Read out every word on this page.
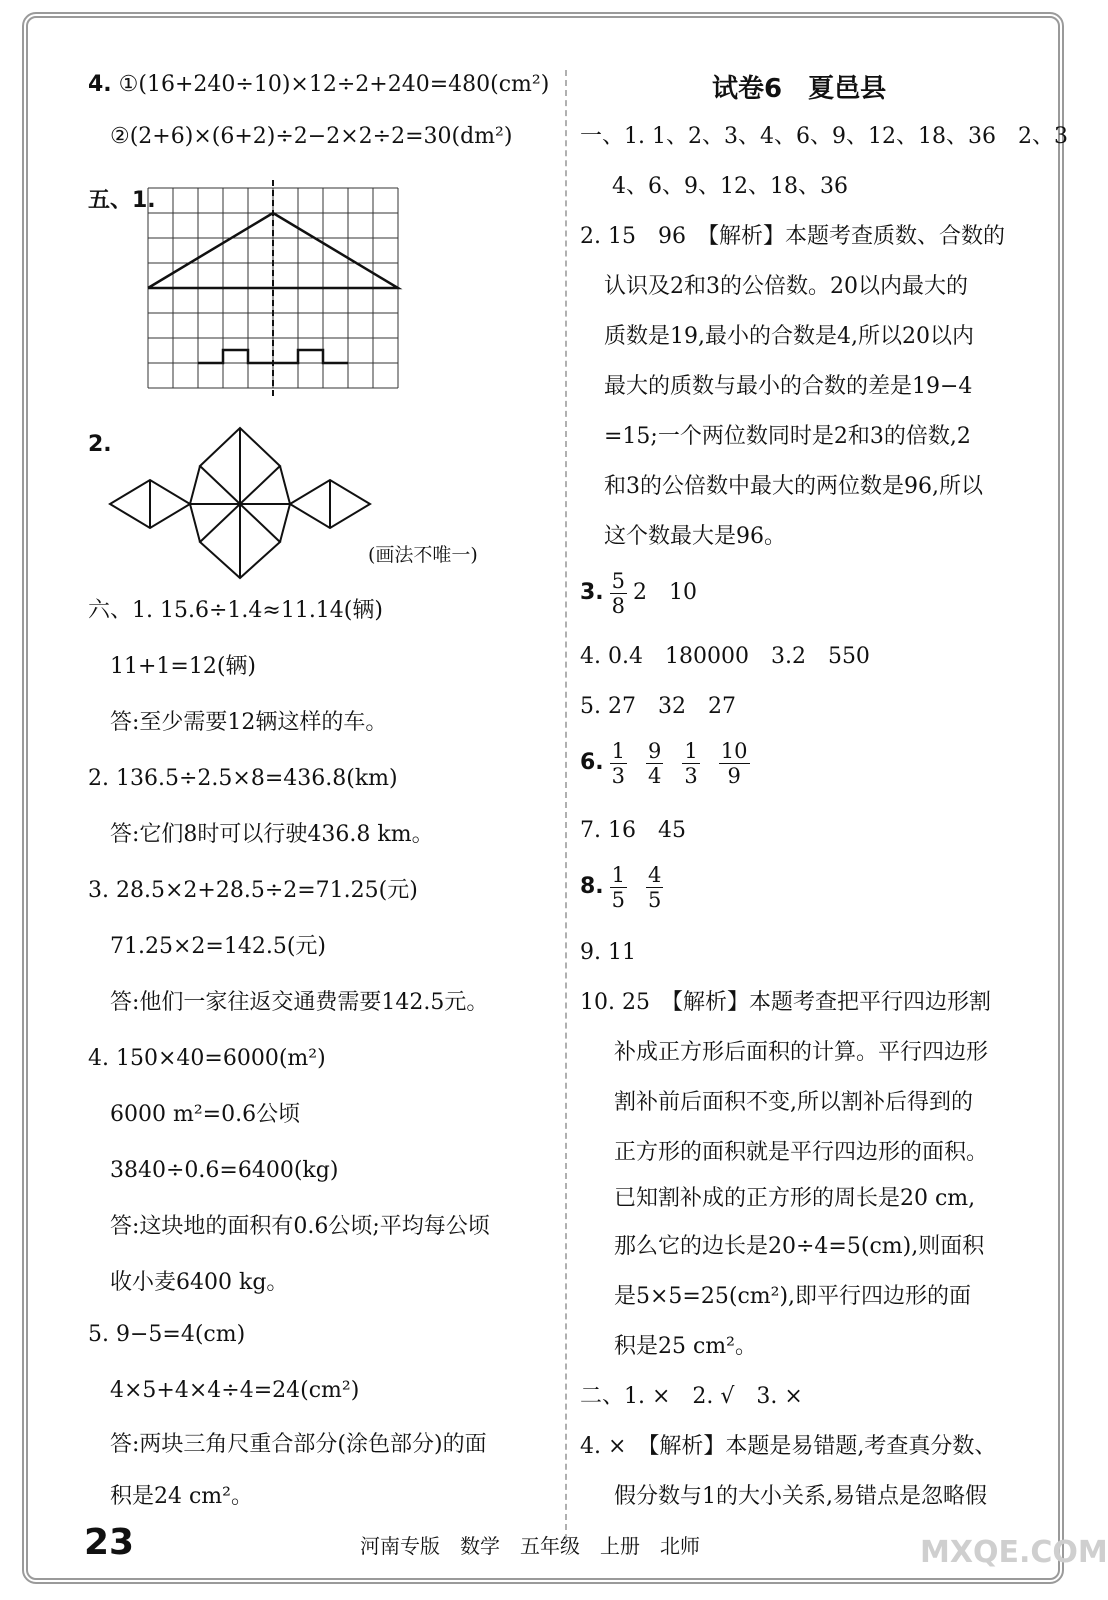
4. ①(16+240÷10)×12÷2+240=480(cm²)
②(2+6)×(6+2)÷2−2×2÷2=30(dm²)
五、1.
2.
(画法不唯一)
六、1. 15.6÷1.4≈11.14(辆)
11+1=12(辆)
答:至少需要12辆这样的车。
2. 136.5÷2.5×8=436.8(km)
答:它们8时可以行驶436.8 km。
3. 28.5×2+28.5÷2=71.25(元)
71.25×2=142.5(元)
答:他们一家往返交通费需要142.5元。
4. 150×40=6000(m²)
6000 m²=0.6公顷
3840÷0.6=6400(kg)
答:这块地的面积有0.6公顷;平均每公顷
收小麦6400 kg。
5. 9−5=4(cm)
4×5+4×4÷4=24(cm²)
答:两块三角尺重合部分(涂色部分)的面
积是24 cm²。
试卷6　夏邑县
一、1. 1、2、3、4、6、9、12、18、36　2、3
4、6、9、12、18、36
2. 15　96　【解析】本题考查质数、合数的
认识及2和3的公倍数。20以内最大的
质数是19,最小的合数是4,所以20以内
最大的质数与最小的合数的差是19−4
=15;一个两位数同时是2和3的倍数,2
和3的公倍数中最大的两位数是96,所以
这个数最大是96。
3. $\frac{5}{8} 2$　10
4. 0.4　180000　3.2　550
5. 27　32　27
6. $\frac{1}{3}$
$\frac{9}{4}$
$\frac{1}{3}$
$\frac{10}{9}$
7. 16　45
8. $\frac{1}{5}$
$\frac{4}{5}$
9. 11
10. 25　【解析】本题考查把平行四边形割
补成正方形后面积的计算。平行四边形
割补前后面积不变,所以割补后得到的
正方形的面积就是平行四边形的面积。
已知割补成的正方形的周长是20 cm,
那么它的边长是20÷4=5(cm),则面积
是5×5=25(cm²),即平行四边形的面
积是25 cm²。
二、1. ×　2. √　3. ×
4. ×　【解析】本题是易错题,考查真分数、
假分数与1的大小关系,易错点是忽略假
23	河南专版　数学　五年级　上册　北师	MXQE.COM
